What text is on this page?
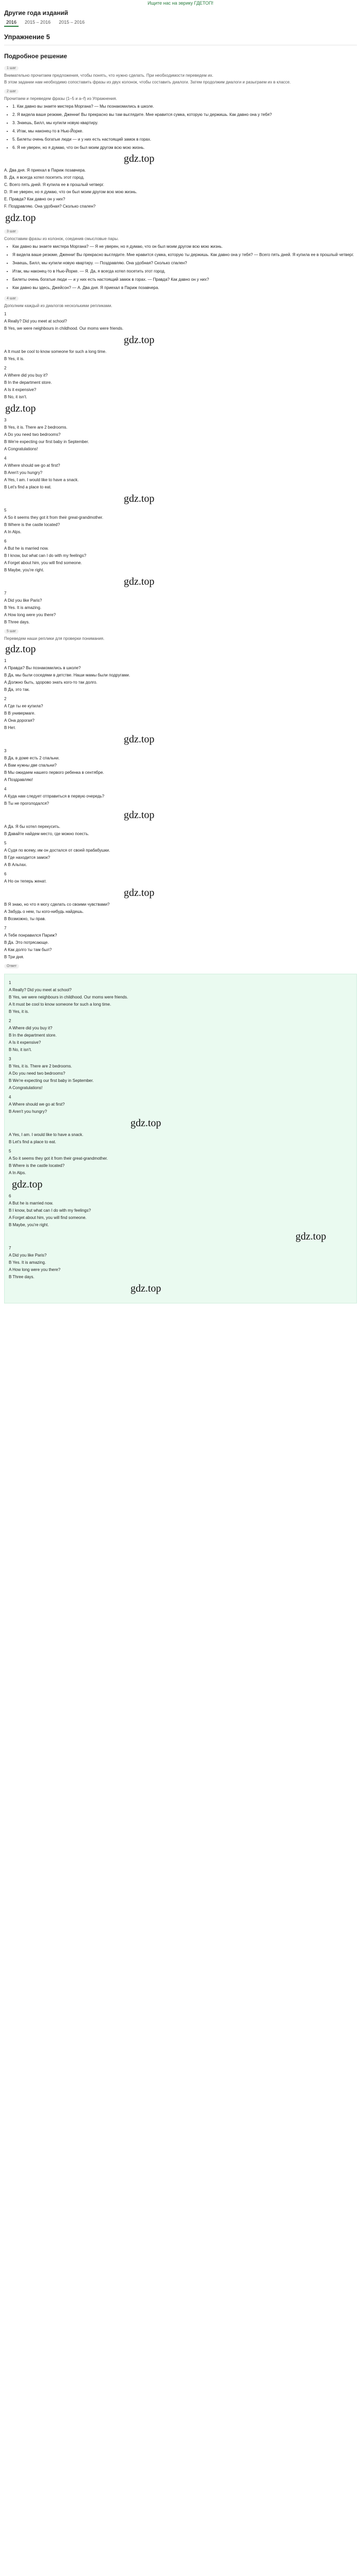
Ищите нас на эврику ГДЕТОП!
Другие года изданий
2016	2015 – 2016	2015 – 2016
Упражнение 5
Подробное решение
1 шаг
Внимательно прочитаем предложения, чтобы понять, что нужно сделать. При необходимости переведем их.
В этом задании нам необходимо сопоставить фразы из двух колонок, чтобы составить диалоги. Затем продолжим диалоги и разыграем их в классе.
2 шаг
Прочитаем и переведем фразы (1–5 и a–f) из Упражнения.
• 1. Как давно вы знаете мистера Моргана? — Мы познакомились в школе.
• 2. Я видела ваше резюме, Дженни! Вы прекрасно вы там выглядите. Мне нравится сумка, которую ты держишь. Как давно она у тебя?
• 3. Знаешь, Билл, мы купили новую квартиру.
• 4. Итак, мы наконец-то в Нью-Йорке.
• 5. Билеты очень богатые люди — и у них есть настоящий замок в горах.
• 6. Я не уверен, но я думаю, что он был моим другом всю мою жизнь.
gdz.top
А. Два дня. Я приехал в Париж позавчера.
B. Да, я всегда хотел посетить этот город.
C. Всего пять дней. Я купила ее в прошлый четверг.
D. Я не уверен, но я думаю, что он был моим другом всю мою жизнь.
E. Правда? Как давно он у них?
F. Поздравляю. Она удобная? Сколько спален?
gdz.top
3 шаг
Сопоставим фразы из колонок, соединив смысловые пары.
• Как давно вы знаете мистера Моргана? — Я не уверен, но я думаю, что он был моим другом всю мою жизнь.
• Я видела ваше резюме, Дженни! Вы прекрасно выглядите. Мне нравится сумка, которую ты держишь. Как давно она у тебя? — Всего пять дней. Я купила ее в прошлый четверг.
• Знаешь, Билл, мы купили новую квартиру. — Поздравляю. Она удобная? Сколько спален?
• Итак, мы наконец-то в Нью-Йорке. — Я. Да, я всегда хотел посетить этот город.
• Билеты очень богатые люди — и у них есть настоящий замок в горах. — Правда? Как давно он у них?
• Как давно вы здесь, Джейсон? — А. Два дня. Я приехал в Париж позавчера.
4 шаг
Дополним каждый из диалогов несколькими репликами.
1
A Really? Did you meet at school?
B Yes, we were neighbours in childhood. Our moms were friends.
gdz.top
A It must be cool to know someone for such a long time.
B Yes, it is.
2
A Where did you buy it?
B In the department store.
A Is it expensive?
B No, it isn't.
gdz.top
3
B Yes, it is. There are 2 bedrooms.
A Do you need two bedrooms?
B We're expecting our first baby in September.
A Congratulations!
4
A Where should we go at first?
B Aren't you hungry?
A Yes, I am. I would like to have a snack.
B Let's find a place to eat.
gdz.top
5
A So it seems they got it from their great-grandmother.
B Where is the castle located?
A In Alps.
6
A But he is married now.
B I know, but what can I do with my feelings?
A Forget about him, you will find someone.
B Maybe, you're right.
gdz.top
7
A Did you like Paris?
B Yes. It is amazing.
A How long were you there?
B Three days.
5 шаг
Переведем наши реплики для проверки понимания.
gdz.top
1
А Правда? Вы познакомились в школе?
B Да, мы были соседями в детстве. Наши мамы были подругами.
А Должно быть, здорово знать кого-то так долго.
B Да, это так.
2
А Где ты ее купила?
B В универмаге.
А Она дорогая?
B Нет.
gdz.top
3
В Да, в доме есть 2 спальни.
А Вам нужны две спальни?
В Мы ожидаем нашего первого ребенка в сентябре.
А Поздравляю!
4
A Куда нам следует отправиться в первую очередь?
B Ты не проголодался?
gdz.top
А Да. Я бы хотел перекусить.
B Давайте найдем место, где можно поесть.
5
A Судя по всему, им он достался от своей прабабушки.
В Где находится замок?
А В Альпах.
6
А Но он теперь женат.
gdz.top
B Я знаю, но что я могу сделать со своими чувствами?
А Забудь о нем, ты кого-нибудь найдешь.
B Возможно, ты прав.
7
А Тебе понравился Париж?
B Да. Это потрясающе.
А Как долго ты там был?
B Три дня.
Ответ
1
A Really? Did you meet at school?
B Yes, we were neighbours in childhood. Our moms were friends.
A It must be cool to know someone for such a long time.
B Yes, it is.
2
A Where did you buy it?
B In the department store.
A Is it expensive?
B No, it isn't.
3
B Yes, it is. There are 2 bedrooms.
A Do you need two bedrooms?
B We're expecting our first baby in September.
A Congratulations!
4
A Where should we go at first?
B Aren't you hungry?
gdz.top
A Yes, I am. I would like to have a snack.
B Let's find a place to eat.
5
A So it seems they got it from their great-grandmother.
B Where is the castle located?
A In Alps.
gdz.top
6
A But he is married now.
B I know, but what can I do with my feelings?
A Forget about him, you will find someone.
B Maybe, you're right.
gdz.top
7
A Did you like Paris?
B Yes. It is amazing.
A How long were you there?
B Three days.
gdz.top
